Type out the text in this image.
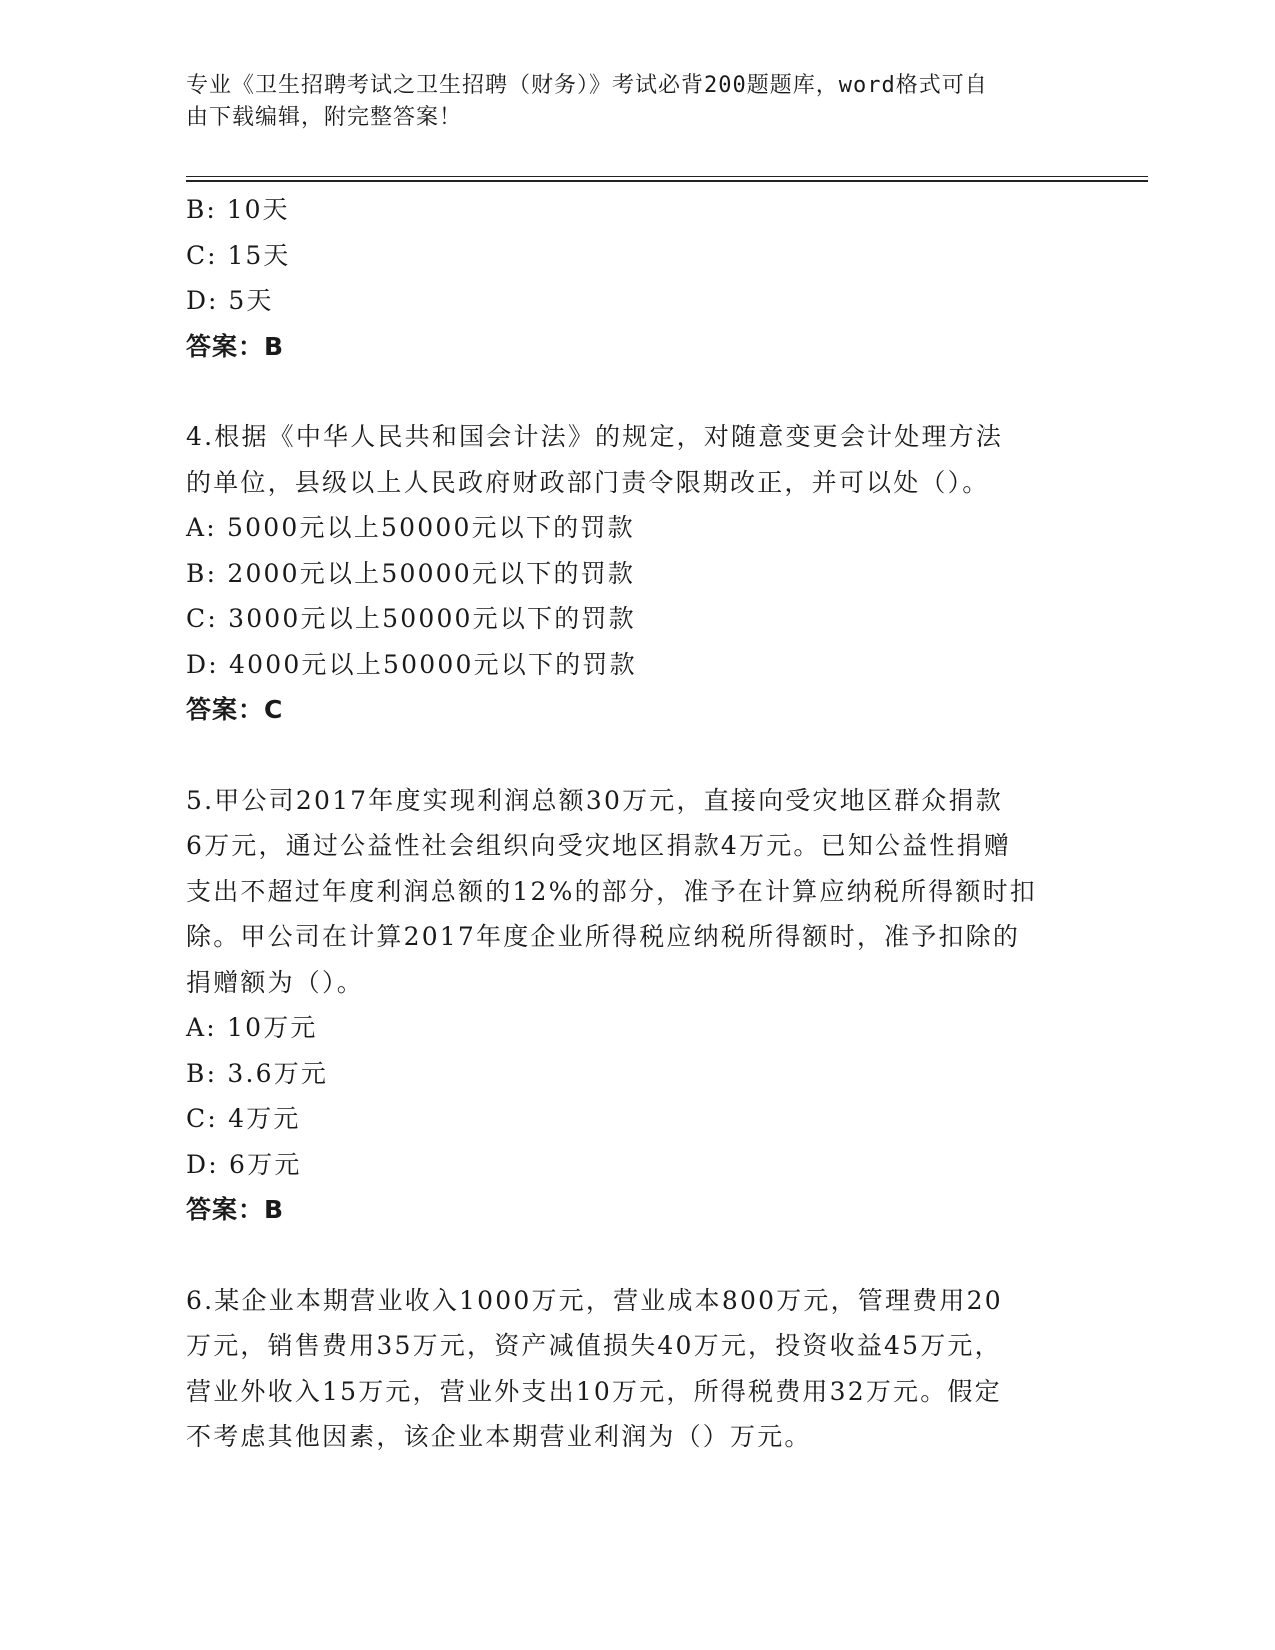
专业《卫生招聘考试之卫生招聘（财务）》考试必背200题题库，word格式可自
由下载编辑，附完整答案！
B: 10天
C: 15天
D: 5天
答案：B
4.根据《中华人民共和国会计法》的规定，对随意变更会计处理方法
的单位，县级以上人民政府财政部门责令限期改正，并可以处（）。
A: 5000元以上50000元以下的罚款
B: 2000元以上50000元以下的罚款
C: 3000元以上50000元以下的罚款
D: 4000元以上50000元以下的罚款
答案：C
5.甲公司2017年度实现利润总额30万元，直接向受灾地区群众捐款
6万元，通过公益性社会组织向受灾地区捐款4万元。已知公益性捐赠
支出不超过年度利润总额的12%的部分，准予在计算应纳税所得额时扣
除。甲公司在计算2017年度企业所得税应纳税所得额时，准予扣除的
捐赠额为（）。
A: 10万元
B: 3.6万元
C: 4万元
D: 6万元
答案：B
6.某企业本期营业收入1000万元，营业成本800万元，管理费用20
万元，销售费用35万元，资产减值损失40万元，投资收益45万元，
营业外收入15万元，营业外支出10万元，所得税费用32万元。假定
不考虑其他因素，该企业本期营业利润为（）万元。
